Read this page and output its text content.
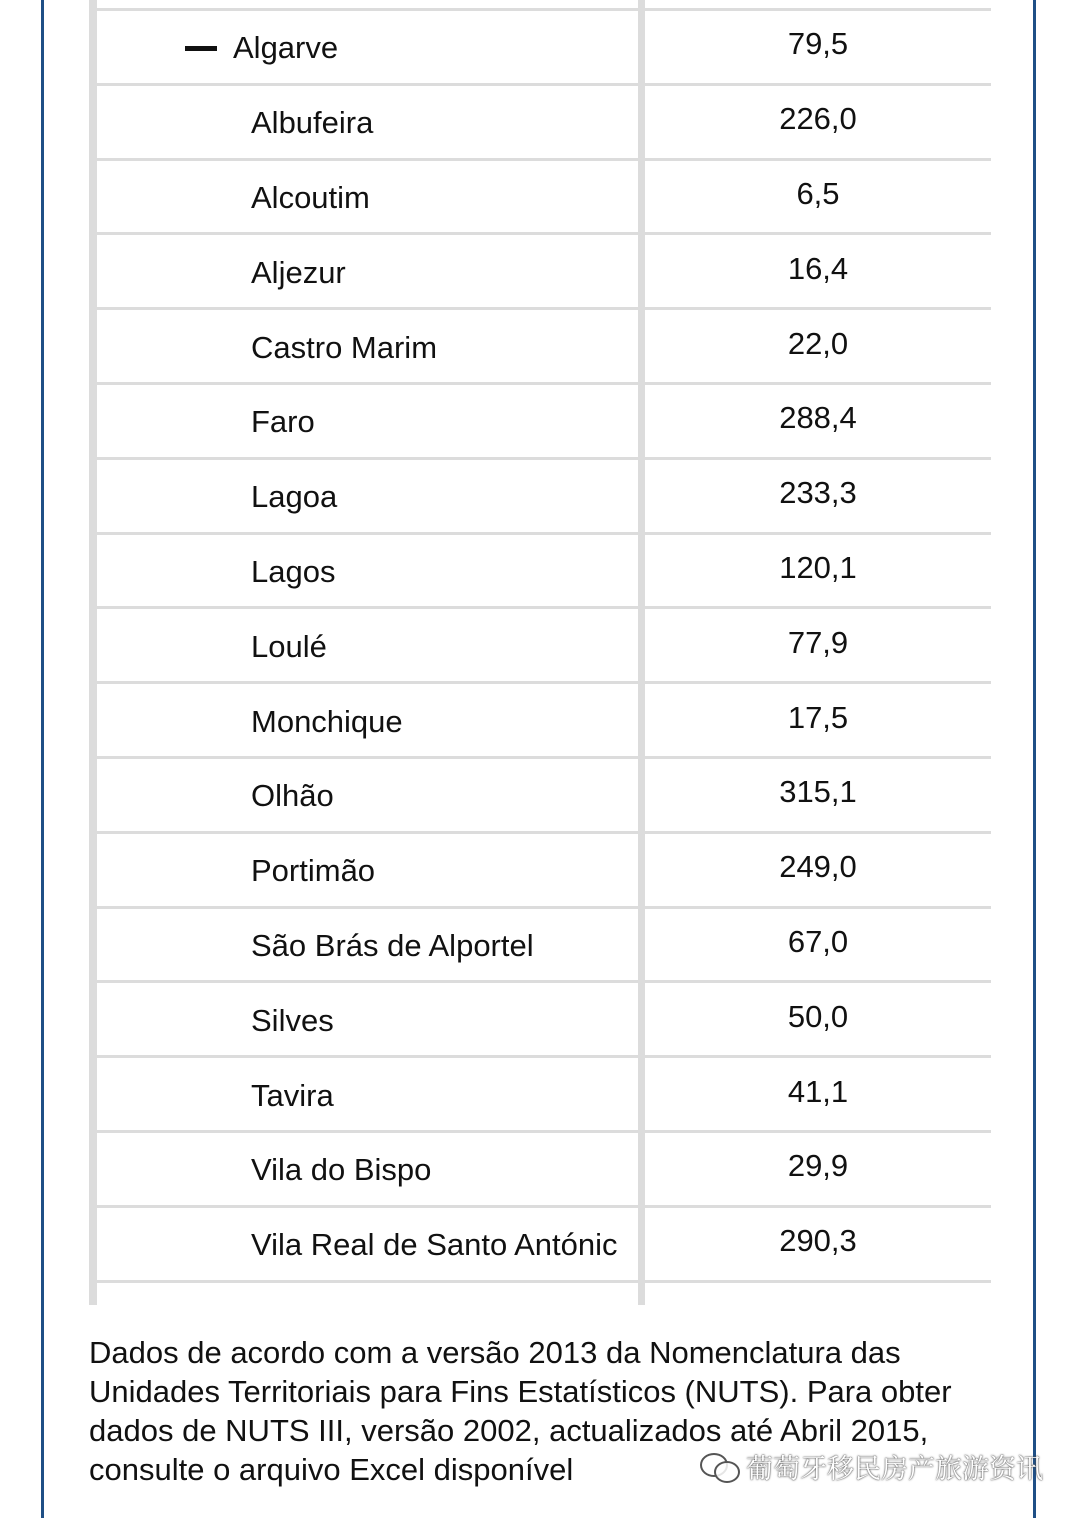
Algarve	79,5
Albufeira	226,0
Alcoutim	6,5
Aljezur	16,4
Castro Marim	22,0
Faro	288,4
Lagoa	233,3
Lagos	120,1
Loulé	77,9
Monchique	17,5
Olhão	315,1
Portimão	249,0
São Brás de Alportel	67,0
Silves	50,0
Tavira	41,1
Vila do Bispo	29,9
Vila Real de Santo Antónic	290,3
Dados de acordo com a versão 2013 da Nomenclatura das Unidades Territoriais para Fins Estatísticos (NUTS). Para obter dados de NUTS III, versão 2002, actualizados até Abril 2015, consulte o arquivo Excel disponível	葡萄牙移民房产旅游资讯
